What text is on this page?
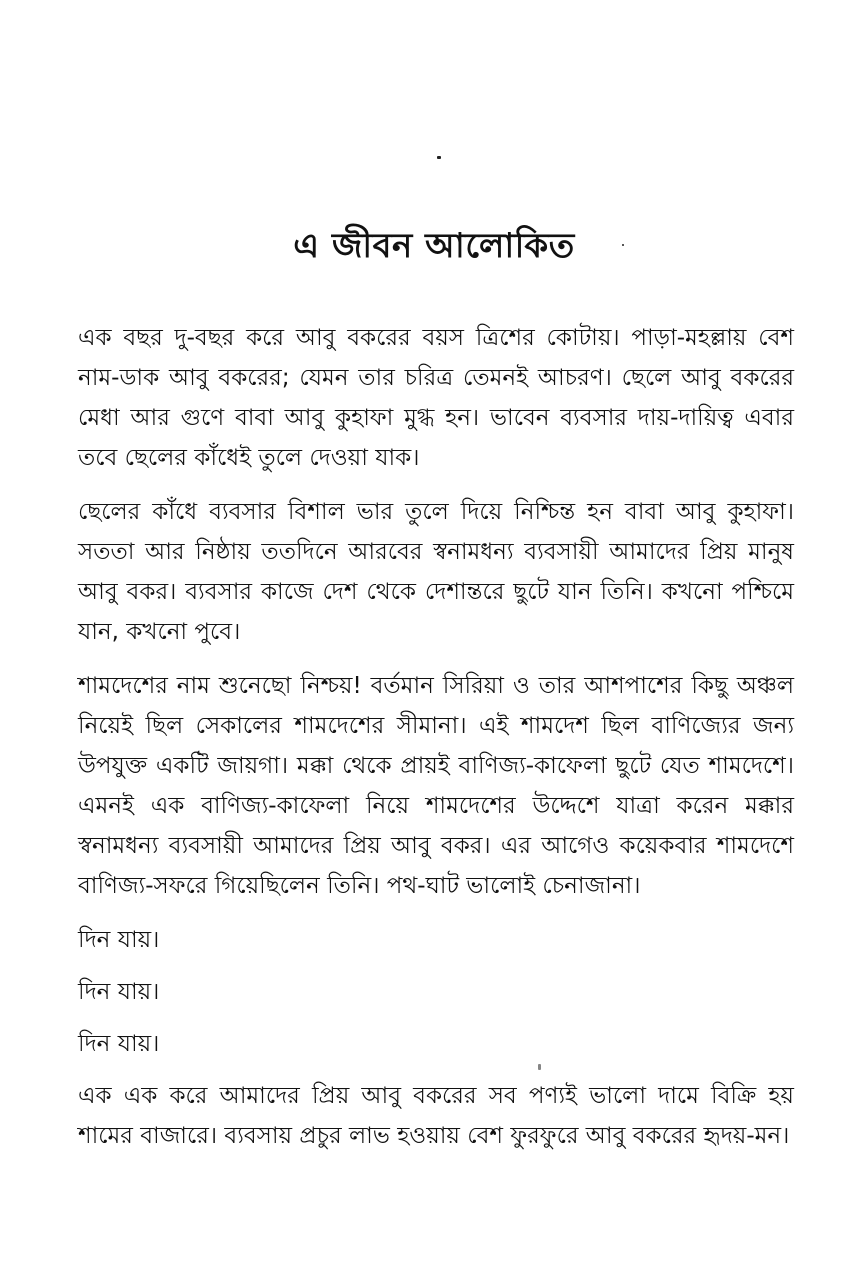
এ জীবন আলোকিত

এক বছর দু-বছর করে আবু বকরের বয়স ত্রিশের কোটায়। পাড়া-মহল্লায় বেশ নাম-ডাক আবু বকরের; যেমন তার চরিত্র তেমনই আচরণ। ছেলে আবু বকরের মেধা আর গুণে বাবা আবু কুহাফা মুগ্ধ হন। ভাবেন ব্যবসার দায়-দায়িত্ব এবার তবে ছেলের কাঁধেই তুলে দেওয়া যাক।

ছেলের কাঁধে ব্যবসার বিশাল ভার তুলে দিয়ে নিশ্চিন্ত হন বাবা আবু কুহাফা। সততা আর নিষ্ঠায় ততদিনে আরবের স্বনামধন্য ব্যবসায়ী আমাদের প্রিয় মানুষ আবু বকর। ব্যবসার কাজে দেশ থেকে দেশান্তরে ছুটে যান তিনি। কখনো পশ্চিমে যান, কখনো পুবে।

শামদেশের নাম শুনেছো নিশ্চয়! বর্তমান সিরিয়া ও তার আশপাশের কিছু অঞ্চল নিয়েই ছিল সেকালের শামদেশের সীমানা। এই শামদেশ ছিল বাণিজ্যের জন্য উপযুক্ত একটি জায়গা। মক্কা থেকে প্রায়ই বাণিজ্য-কাফেলা ছুটে যেত শামদেশে। এমনই এক বাণিজ্য-কাফেলা নিয়ে শামদেশের উদ্দেশে যাত্রা করেন মক্কার স্বনামধন্য ব্যবসায়ী আমাদের প্রিয় আবু বকর। এর আগেও কয়েকবার শামদেশে বাণিজ্য-সফরে গিয়েছিলেন তিনি। পথ-ঘাট ভালোই চেনাজানা।

দিন যায়।

দিন যায়।

দিন যায়।

এক এক করে আমাদের প্রিয় আবু বকরের সব পণ্যই ভালো দামে বিক্রি হয় শামের বাজারে। ব্যবসায় প্রচুর লাভ হওয়ায় বেশ ফুরফুরে আবু বকরের হৃদয়-মন।
